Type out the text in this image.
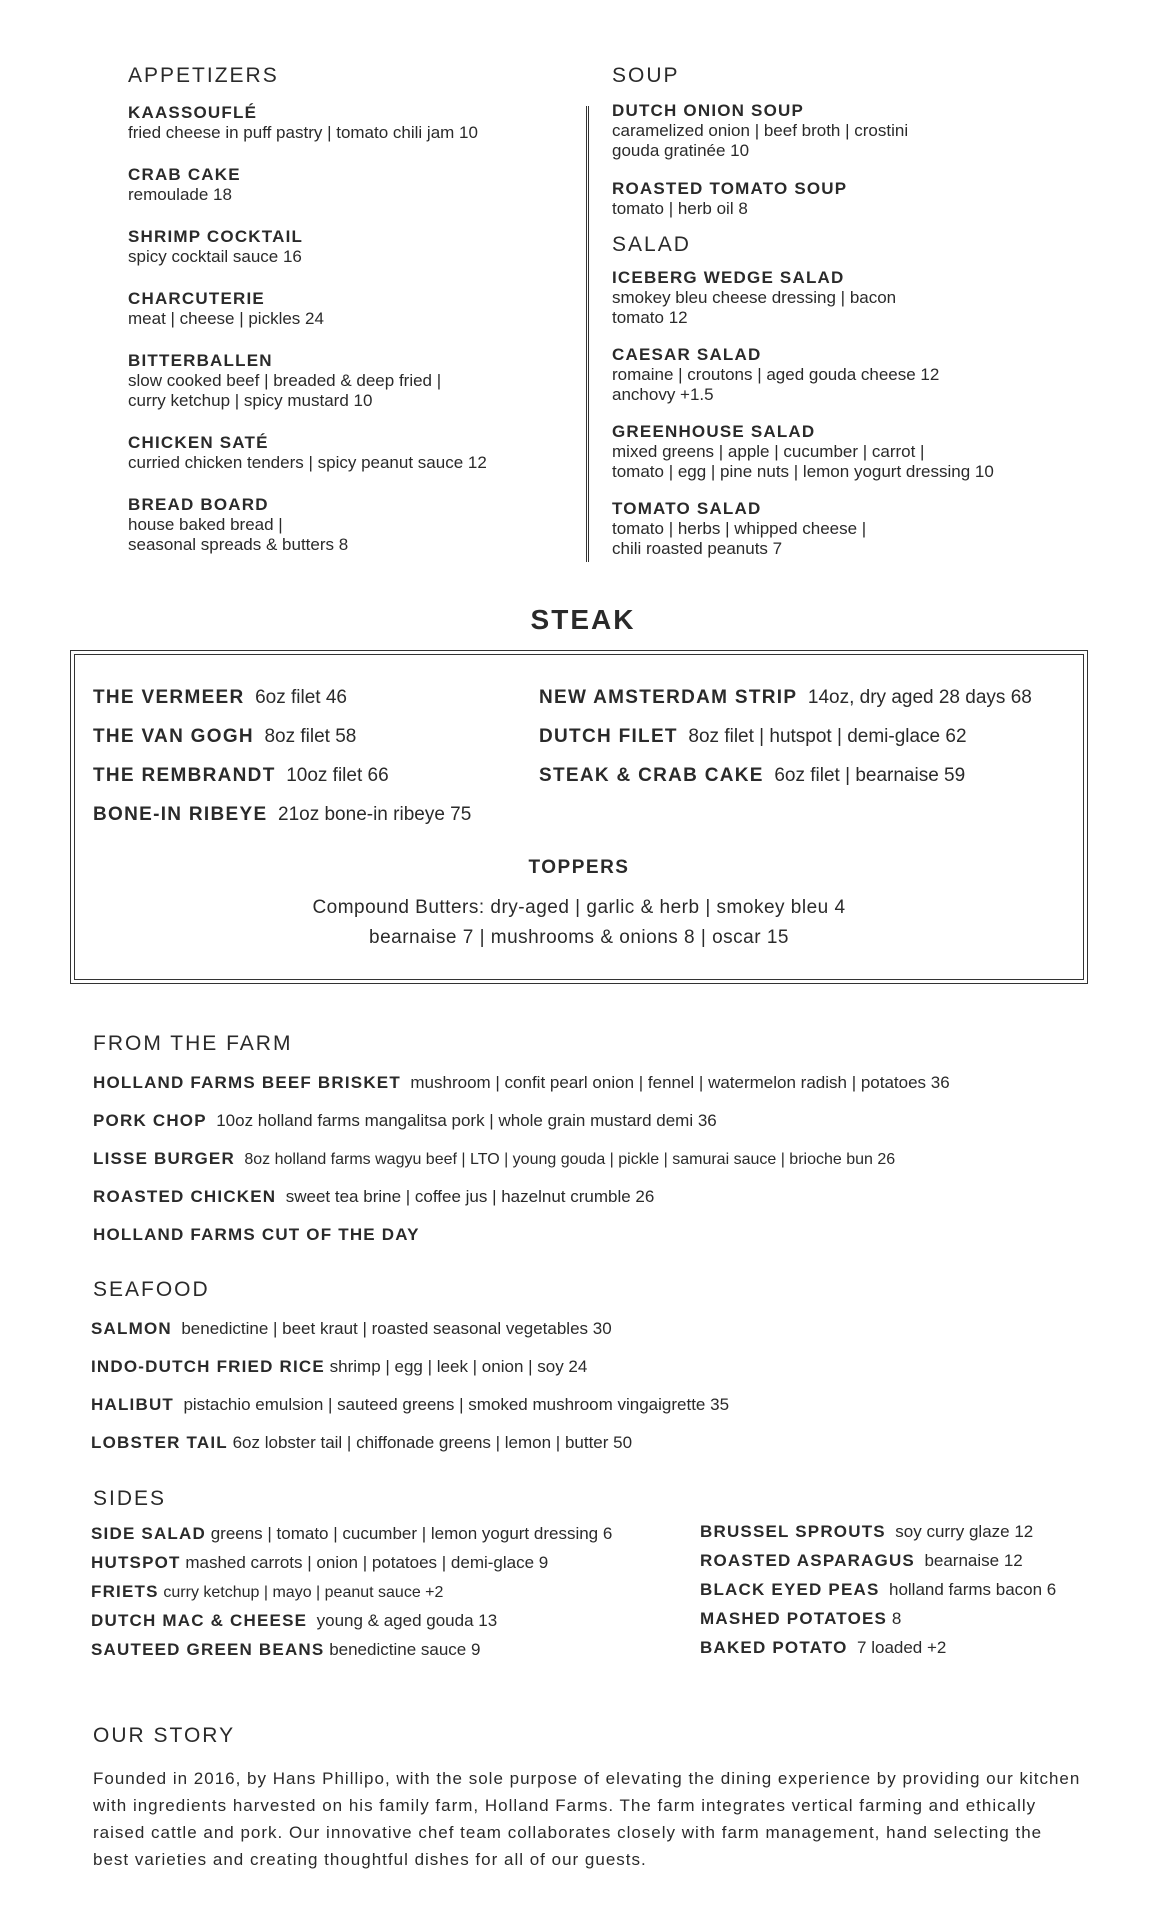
APPETIZERS
KAASSOUFLÉ
fried cheese in puff pastry | tomato chili jam 10
CRAB CAKE
remoulade 18
SHRIMP COCKTAIL
spicy cocktail sauce 16
CHARCUTERIE
meat | cheese | pickles 24
BITTERBALLEN
slow cooked beef | breaded & deep fried |
curry ketchup | spicy mustard 10
CHICKEN SATÉ
curried chicken tenders | spicy peanut sauce 12
BREAD BOARD
house baked bread |
seasonal spreads & butters 8
SOUP
DUTCH ONION SOUP
caramelized onion | beef broth | crostini
gouda gratinée 10
ROASTED TOMATO SOUP
tomato | herb oil 8
SALAD
ICEBERG WEDGE SALAD
smokey bleu cheese dressing | bacon
tomato 12
CAESAR SALAD
romaine | croutons | aged gouda cheese 12
anchovy +1.5
GREENHOUSE SALAD
mixed greens | apple | cucumber | carrot |
tomato | egg | pine nuts | lemon yogurt dressing 10
TOMATO SALAD
tomato | herbs | whipped cheese |
chili roasted peanuts 7
STEAK
THE VERMEER 6oz filet 46
THE VAN GOGH 8oz filet 58
THE REMBRANDT 10oz filet 66
BONE-IN RIBEYE 21oz bone-in ribeye 75
NEW AMSTERDAM STRIP 14oz, dry aged 28 days 68
DUTCH FILET 8oz filet | hutspot | demi-glace 62
STEAK & CRAB CAKE 6oz filet | bearnaise 59
TOPPERS
Compound Butters: dry-aged | garlic & herb | smokey bleu 4
bearnaise 7 | mushrooms & onions 8 | oscar 15
FROM THE FARM
HOLLAND FARMS BEEF BRISKET mushroom | confit pearl onion | fennel | watermelon radish | potatoes 36
PORK CHOP 10oz holland farms mangalitsa pork | whole grain mustard demi 36
LISSE BURGER 8oz holland farms wagyu beef | LTO | young gouda | pickle | samurai sauce | brioche bun 26
ROASTED CHICKEN sweet tea brine | coffee jus | hazelnut crumble 26
HOLLAND FARMS CUT OF THE DAY
SEAFOOD
SALMON benedictine | beet kraut | roasted seasonal vegetables 30
INDO-DUTCH FRIED RICE shrimp | egg | leek | onion | soy 24
HALIBUT pistachio emulsion | sauteed greens | smoked mushroom vingaigrette 35
LOBSTER TAIL 6oz lobster tail | chiffonade greens | lemon | butter 50
SIDES
SIDE SALAD greens | tomato | cucumber | lemon yogurt dressing 6
HUTSPOT mashed carrots | onion | potatoes | demi-glace 9
FRIETS curry ketchup | mayo | peanut sauce +2
DUTCH MAC & CHEESE young & aged gouda 13
SAUTEED GREEN BEANS benedictine sauce 9
BRUSSEL SPROUTS soy curry glaze 12
ROASTED ASPARAGUS bearnaise 12
BLACK EYED PEAS holland farms bacon 6
MASHED POTATOES 8
BAKED POTATO 7 loaded +2
OUR STORY
Founded in 2016, by Hans Phillipo, with the sole purpose of elevating the dining experience by providing our kitchen with ingredients harvested on his family farm, Holland Farms. The farm integrates vertical farming and ethically raised cattle and pork. Our innovative chef team collaborates closely with farm management, hand selecting the best varieties and creating thoughtful dishes for all of our guests.
